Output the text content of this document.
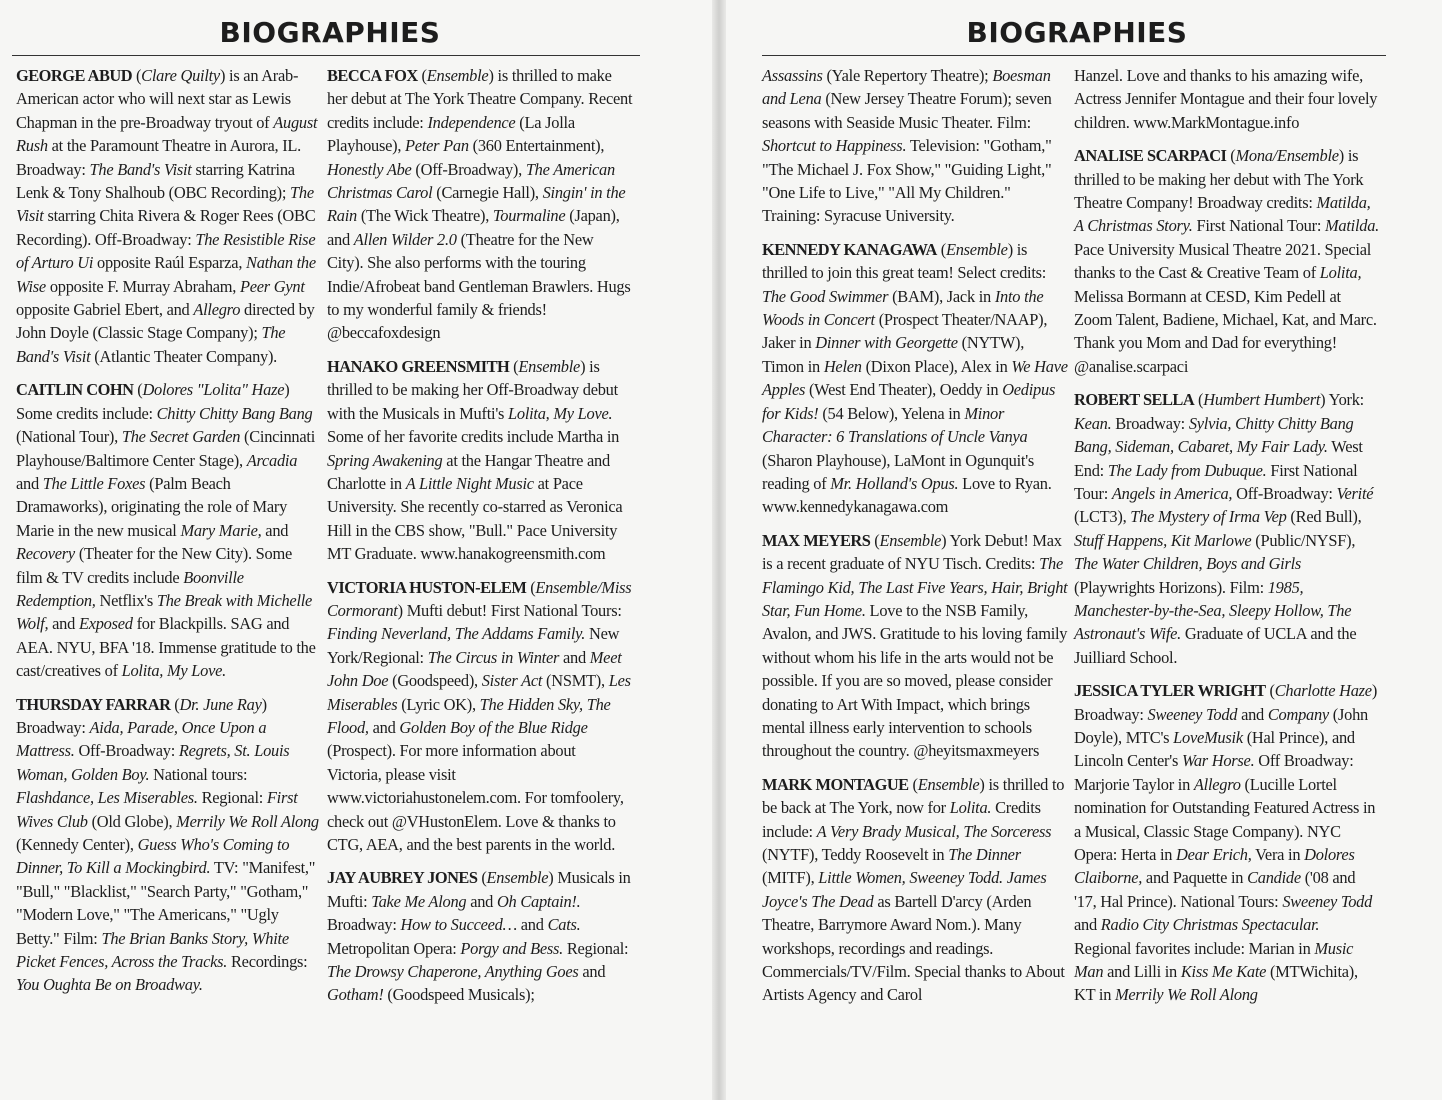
BIOGRAPHIES

GEORGE ABUD (Clare Quilty) is an Arab-American actor who will next star as Lewis Chapman in the pre-Broadway tryout of August Rush at the Paramount Theatre in Aurora, IL. Broadway: The Band's Visit starring Katrina Lenk & Tony Shalhoub (OBC Recording); The Visit starring Chita Rivera & Roger Rees (OBC Recording). Off-Broadway: The Resistible Rise of Arturo Ui opposite Raúl Esparza, Nathan the Wise opposite F. Murray Abraham, Peer Gynt opposite Gabriel Ebert, and Allegro directed by John Doyle (Classic Stage Company); The Band's Visit (Atlantic Theater Company).

CAITLIN COHN (Dolores "Lolita" Haze) Some credits include: Chitty Chitty Bang Bang (National Tour), The Secret Garden (Cincinnati Playhouse/Baltimore Center Stage), Arcadia and The Little Foxes (Palm Beach Dramaworks), originating the role of Mary Marie in the new musical Mary Marie, and Recovery (Theater for the New City). Some film & TV credits include Boonville Redemption, Netflix's The Break with Michelle Wolf, and Exposed for Blackpills. SAG and AEA. NYU, BFA '18. Immense gratitude to the cast/creatives of Lolita, My Love.

THURSDAY FARRAR (Dr. June Ray) Broadway: Aida, Parade, Once Upon a Mattress. Off-Broadway: Regrets, St. Louis Woman, Golden Boy. National tours: Flashdance, Les Miserables. Regional: First Wives Club (Old Globe), Merrily We Roll Along (Kennedy Center), Guess Who's Coming to Dinner, To Kill a Mockingbird. TV: "Manifest," "Bull," "Blacklist," "Search Party," "Gotham," "Modern Love," "The Americans," "Ugly Betty." Film: The Brian Banks Story, White Picket Fences, Across the Tracks. Recordings: You Oughta Be on Broadway.

BECCA FOX (Ensemble) is thrilled to make her debut at The York Theatre Company. Recent credits include: Independence (La Jolla Playhouse), Peter Pan (360 Entertainment), Honestly Abe (Off-Broadway), The American Christmas Carol (Carnegie Hall), Singin' in the Rain (The Wick Theatre), Tourmaline (Japan), and Allen Wilder 2.0 (Theatre for the New City). She also performs with the touring Indie/Afrobeat band Gentleman Brawlers. Hugs to my wonderful family & friends! @beccafoxdesign

HANAKO GREENSMITH (Ensemble) is thrilled to be making her Off-Broadway debut with the Musicals in Mufti's Lolita, My Love. Some of her favorite credits include Martha in Spring Awakening at the Hangar Theatre and Charlotte in A Little Night Music at Pace University. She recently co-starred as Veronica Hill in the CBS show, "Bull." Pace University MT Graduate. www.hanakogreensmith.com

VICTORIA HUSTON-ELEM (Ensemble/Miss Cormorant) Mufti debut! First National Tours: Finding Neverland, The Addams Family. New York/Regional: The Circus in Winter and Meet John Doe (Goodspeed), Sister Act (NSMT), Les Miserables (Lyric OK), The Hidden Sky, The Flood, and Golden Boy of the Blue Ridge (Prospect). For more information about Victoria, please visit www.victoriahustonelem.com. For tomfoolery, check out @VHustonElem. Love & thanks to CTG, AEA, and the best parents in the world.

JAY AUBREY JONES (Ensemble) Musicals in Mufti: Take Me Along and Oh Captain!. Broadway: How to Succeed… and Cats. Metropolitan Opera: Porgy and Bess. Regional: The Drowsy Chaperone, Anything Goes and Gotham! (Goodspeed Musicals);

BIOGRAPHIES

Assassins (Yale Repertory Theatre); Boesman and Lena (New Jersey Theatre Forum); seven seasons with Seaside Music Theater. Film: Shortcut to Happiness. Television: "Gotham," "The Michael J. Fox Show," "Guiding Light," "One Life to Live," "All My Children." Training: Syracuse University.

KENNEDY KANAGAWA (Ensemble) is thrilled to join this great team! Select credits: The Good Swimmer (BAM), Jack in Into the Woods in Concert (Prospect Theater/NAAP), Jaker in Dinner with Georgette (NYTW), Timon in Helen (Dixon Place), Alex in We Have Apples (West End Theater), Oeddy in Oedipus for Kids! (54 Below), Yelena in Minor Character: 6 Translations of Uncle Vanya (Sharon Playhouse), LaMont in Ogunquit's reading of Mr. Holland's Opus. Love to Ryan. www.kennedykanagawa.com

MAX MEYERS (Ensemble) York Debut! Max is a recent graduate of NYU Tisch. Credits: The Flamingo Kid, The Last Five Years, Hair, Bright Star, Fun Home. Love to the NSB Family, Avalon, and JWS. Gratitude to his loving family without whom his life in the arts would not be possible. If you are so moved, please consider donating to Art With Impact, which brings mental illness early intervention to schools throughout the country. @heyitsmaxmeyers

MARK MONTAGUE (Ensemble) is thrilled to be back at The York, now for Lolita. Credits include: A Very Brady Musical, The Sorceress (NYTF), Teddy Roosevelt in The Dinner (MITF), Little Women, Sweeney Todd. James Joyce's The Dead as Bartell D'arcy (Arden Theatre, Barrymore Award Nom.). Many workshops, recordings and readings. Commercials/TV/Film. Special thanks to About Artists Agency and Carol

Hanzel. Love and thanks to his amazing wife, Actress Jennifer Montague and their four lovely children. www.MarkMontague.info

ANALISE SCARPACI (Mona/Ensemble) is thrilled to be making her debut with The York Theatre Company! Broadway credits: Matilda, A Christmas Story. First National Tour: Matilda. Pace University Musical Theatre 2021. Special thanks to the Cast & Creative Team of Lolita, Melissa Bormann at CESD, Kim Pedell at Zoom Talent, Badiene, Michael, Kat, and Marc. Thank you Mom and Dad for everything! @analise.scarpaci

ROBERT SELLA (Humbert Humbert) York: Kean. Broadway: Sylvia, Chitty Chitty Bang Bang, Sideman, Cabaret, My Fair Lady. West End: The Lady from Dubuque. First National Tour: Angels in America, Off-Broadway: Verité (LCT3), The Mystery of Irma Vep (Red Bull), Stuff Happens, Kit Marlowe (Public/NYSF), The Water Children, Boys and Girls (Playwrights Horizons). Film: 1985, Manchester-by-the-Sea, Sleepy Hollow, The Astronaut's Wife. Graduate of UCLA and the Juilliard School.

JESSICA TYLER WRIGHT (Charlotte Haze) Broadway: Sweeney Todd and Company (John Doyle), MTC's LoveMusik (Hal Prince), and Lincoln Center's War Horse. Off Broadway: Marjorie Taylor in Allegro (Lucille Lortel nomination for Outstanding Featured Actress in a Musical, Classic Stage Company). NYC Opera: Herta in Dear Erich, Vera in Dolores Claiborne, and Paquette in Candide ('08 and '17, Hal Prince). National Tours: Sweeney Todd and Radio City Christmas Spectacular. Regional favorites include: Marian in Music Man and Lilli in Kiss Me Kate (MTWichita), KT in Merrily We Roll Along
